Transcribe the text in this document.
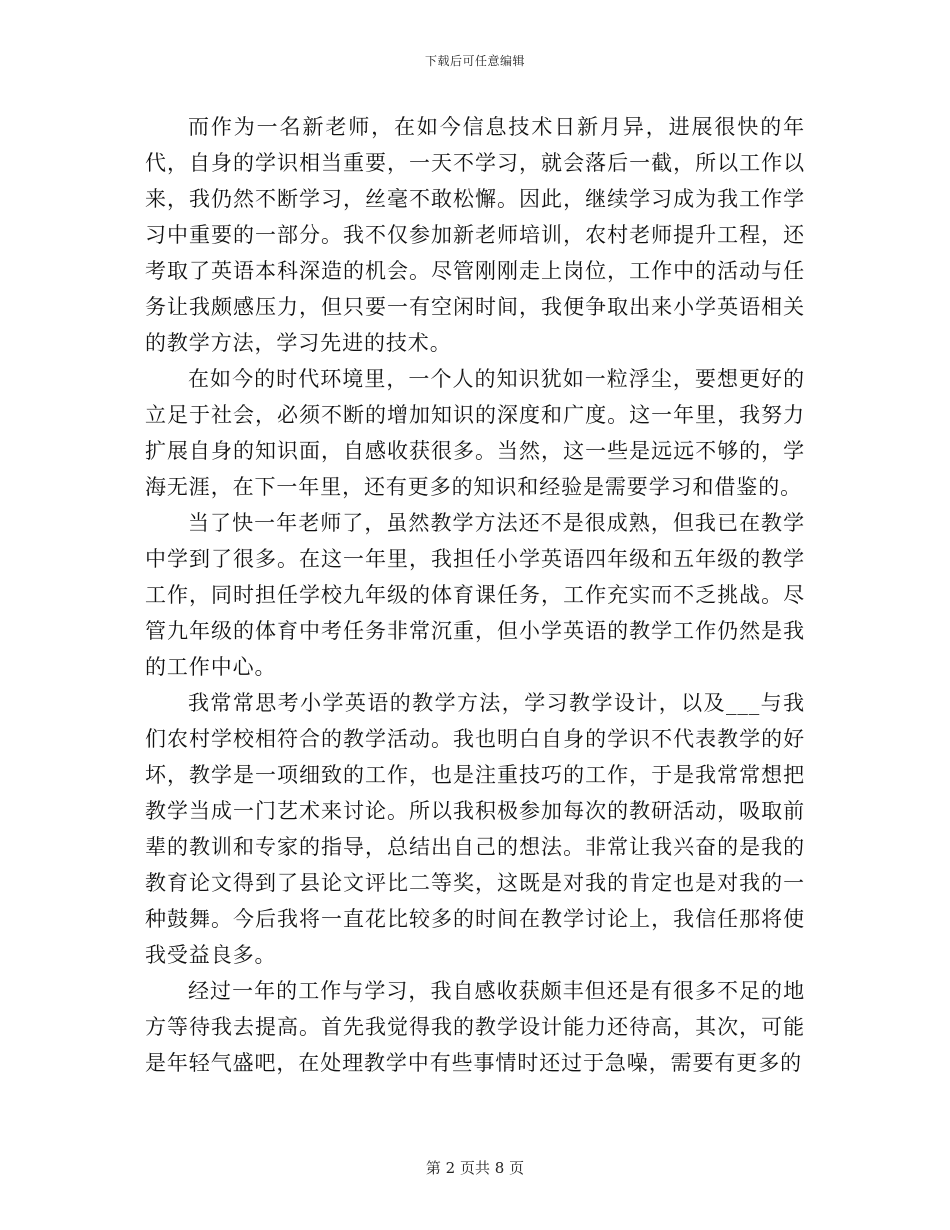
下载后可任意编辑

而作为一名新老师，在如今信息技术日新月异，进展很快的年代，自身的学识相当重要，一天不学习，就会落后一截，所以工作以来，我仍然不断学习，丝毫不敢松懈。因此，继续学习成为我工作学习中重要的一部分。我不仅参加新老师培训，农村老师提升工程，还考取了英语本科深造的机会。尽管刚刚走上岗位，工作中的活动与任务让我颇感压力，但只要一有空闲时间，我便争取出来小学英语相关的教学方法，学习先进的技术。

在如今的时代环境里，一个人的知识犹如一粒浮尘，要想更好的立足于社会，必须不断的增加知识的深度和广度。这一年里，我努力扩展自身的知识面，自感收获很多。当然，这一些是远远不够的，学海无涯，在下一年里，还有更多的知识和经验是需要学习和借鉴的。

当了快一年老师了，虽然教学方法还不是很成熟，但我已在教学中学到了很多。在这一年里，我担任小学英语四年级和五年级的教学工作，同时担任学校九年级的体育课任务，工作充实而不乏挑战。尽管九年级的体育中考任务非常沉重，但小学英语的教学工作仍然是我的工作中心。

我常常思考小学英语的教学方法，学习教学设计，以及___与我们农村学校相符合的教学活动。我也明白自身的学识不代表教学的好坏，教学是一项细致的工作，也是注重技巧的工作，于是我常常想把教学当成一门艺术来讨论。所以我积极参加每次的教研活动，吸取前辈的教训和专家的指导，总结出自己的想法。非常让我兴奋的是我的教育论文得到了县论文评比二等奖，这既是对我的肯定也是对我的一种鼓舞。今后我将一直花比较多的时间在教学讨论上，我信任那将使我受益良多。

经过一年的工作与学习，我自感收获颇丰但还是有很多不足的地方等待我去提高。首先我觉得我的教学设计能力还待高，其次，可能是年轻气盛吧，在处理教学中有些事情时还过于急噪，需要有更多的

第 2 页共 8 页
